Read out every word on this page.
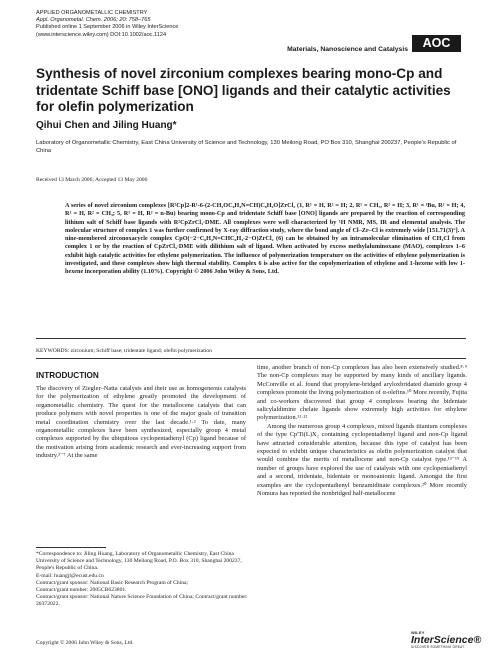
APPLIED ORGANOMETALLIC CHEMISTRY
Appl. Organometal. Chem. 2006; 20: 758–765
Published online 1 September 2006 in Wiley InterScience
(www.interscience.wiley.com) DOI:10.1002/aoc.1124
Materials, Nanoscience and Catalysis	AOC
Synthesis of novel zirconium complexes bearing mono-Cp and tridentate Schiff base [ONO] ligands and their catalytic activities for olefin polymerization
Qihui Chen and Jiling Huang*
Laboratory of Organometallic Chemistry, East China University of Science and Technology, 130 Meilong Road, PO Box 310, Shanghai 200237, People's Republic of China
Received 13 March 2006; Accepted 13 May 2006
A series of novel zirconium complexes [R²Cp]2-R¹-6-(2-CH₃OC₆H₄N=CH)C₆H₂O]ZrCl₂ (1, R¹ = H, R² = H; 2, R¹ = CH₃, R² = H; 3, R¹ = ᵗBu, R² = H; 4, R¹ = H, R² = CH₃; 5, R¹ = H, R² = n-Bu) bearing mono-Cp and tridentate Schiff base [ONO] ligands are prepared by the reaction of corresponding lithium salt of Schiff base ligands with R²CpZrCl₃·DME. All complexes were well characterized by ¹H NMR, MS, IR and elemental analysis. The molecular structure of complex 1 was further confirmed by X-ray diffraction study, where the bond angle of Cl–Zr–Cl is extremely wide [151.71(3)°]. A nine-membered zirconoxacycle complex CpO(−2−C₆H₄N=CHC₆H₄-2−O)ZrCl₂ (6) can be obtained by an intramolecular elimination of CH₃Cl from complex 1 or by the reaction of CpZrCl₃·DME with dilithium salt of ligand. When activated by excess methylaluminoxane (MAO), complexes 1–6 exhibit high catalytic activities for ethylene polymerization. The influence of polymerization temperature on the activities of ethylene polymerization is investigated, and these complexes show high thermal stability. Complex 6 is also active for the copolymerization of ethylene and 1-hexene with low 1-hexene incorporation ability (1.10%). Copyright © 2006 John Wiley & Sons, Ltd.
KEYWORDS: zirconium; Schiff base; tridentate ligand; olefin polymerization
INTRODUCTION

The discovery of Ziegler–Natta catalysts and their use as homogeneous catalysts for the polymerization of ethylene greatly promoted the development of organometallic chemistry. The quest for the metallocene catalysts that can produce polymers with novel properties is one of the major goals of transition metal coordination chemistry over the last decade.¹·² To date, many organometallic complexes have been synthesized, especially group 4 metal complexes supported by the ubiquitous cyclopentadienyl (Cp) ligand because of the motivation arising from academic research and ever-increasing support from industry.³⁻⁷ At the same

time, another branch of non-Cp complexes has also been extensively studied.⁸·⁹ The non-Cp complexes may be supported by many kinds of ancillary ligands. McConville et al. found that propylene-bridged aryloxbridated diamido group 4 complexes promote the living polymerization of α-olefins.¹⁰ More recently, Fujita and co-workers discovered that group 4 complexes bearing the bidentate salicylaldimine chelate ligands show extremely high activities for ethylene polymerization.¹¹·¹²

Among the numerous group 4 complexes, mixed ligands titanium complexes of the type Cp'Ti(L)X₂ containing cyclopentadienyl ligand and non-Cp ligand have attracted considerable attention, because this type of catalyst has been expected to exhibit unique characteristics as olefin polymerization catalyst that would combine the merits of metallocene and non-Cp catalyst type.¹³⁻¹⁹ A number of groups have explored the use of catalysts with one cyclopentadienyl and a second, tridentate, bidentate or monoanionic ligand. Amongst the first examples are the cyclopentadienyl benzamidinate complexes.²⁰ More recently Nomura has reported the nonbridged half-metallocene

*Correspondence to: Jiling Huang, Laboratory of Organometallic Chemistry, East China University of Science and Technology, 130 Meilong Road, P.O. Box 310, Shanghai 200237, People's Republic of China.
E-mail: huangjl@ecust.edu.cn
Contract/grant sponsor: National Basic Research Program of China;
Contract/grant number: 2005CB623801.
Contract/grant sponsor: National Nature Science Foundation of China; Contract/grant number: 20372022.
Copyright © 2006 John Wiley & Sons, Ltd.
WILEY
InterScience®
DISCOVER SOMETHING GREAT
